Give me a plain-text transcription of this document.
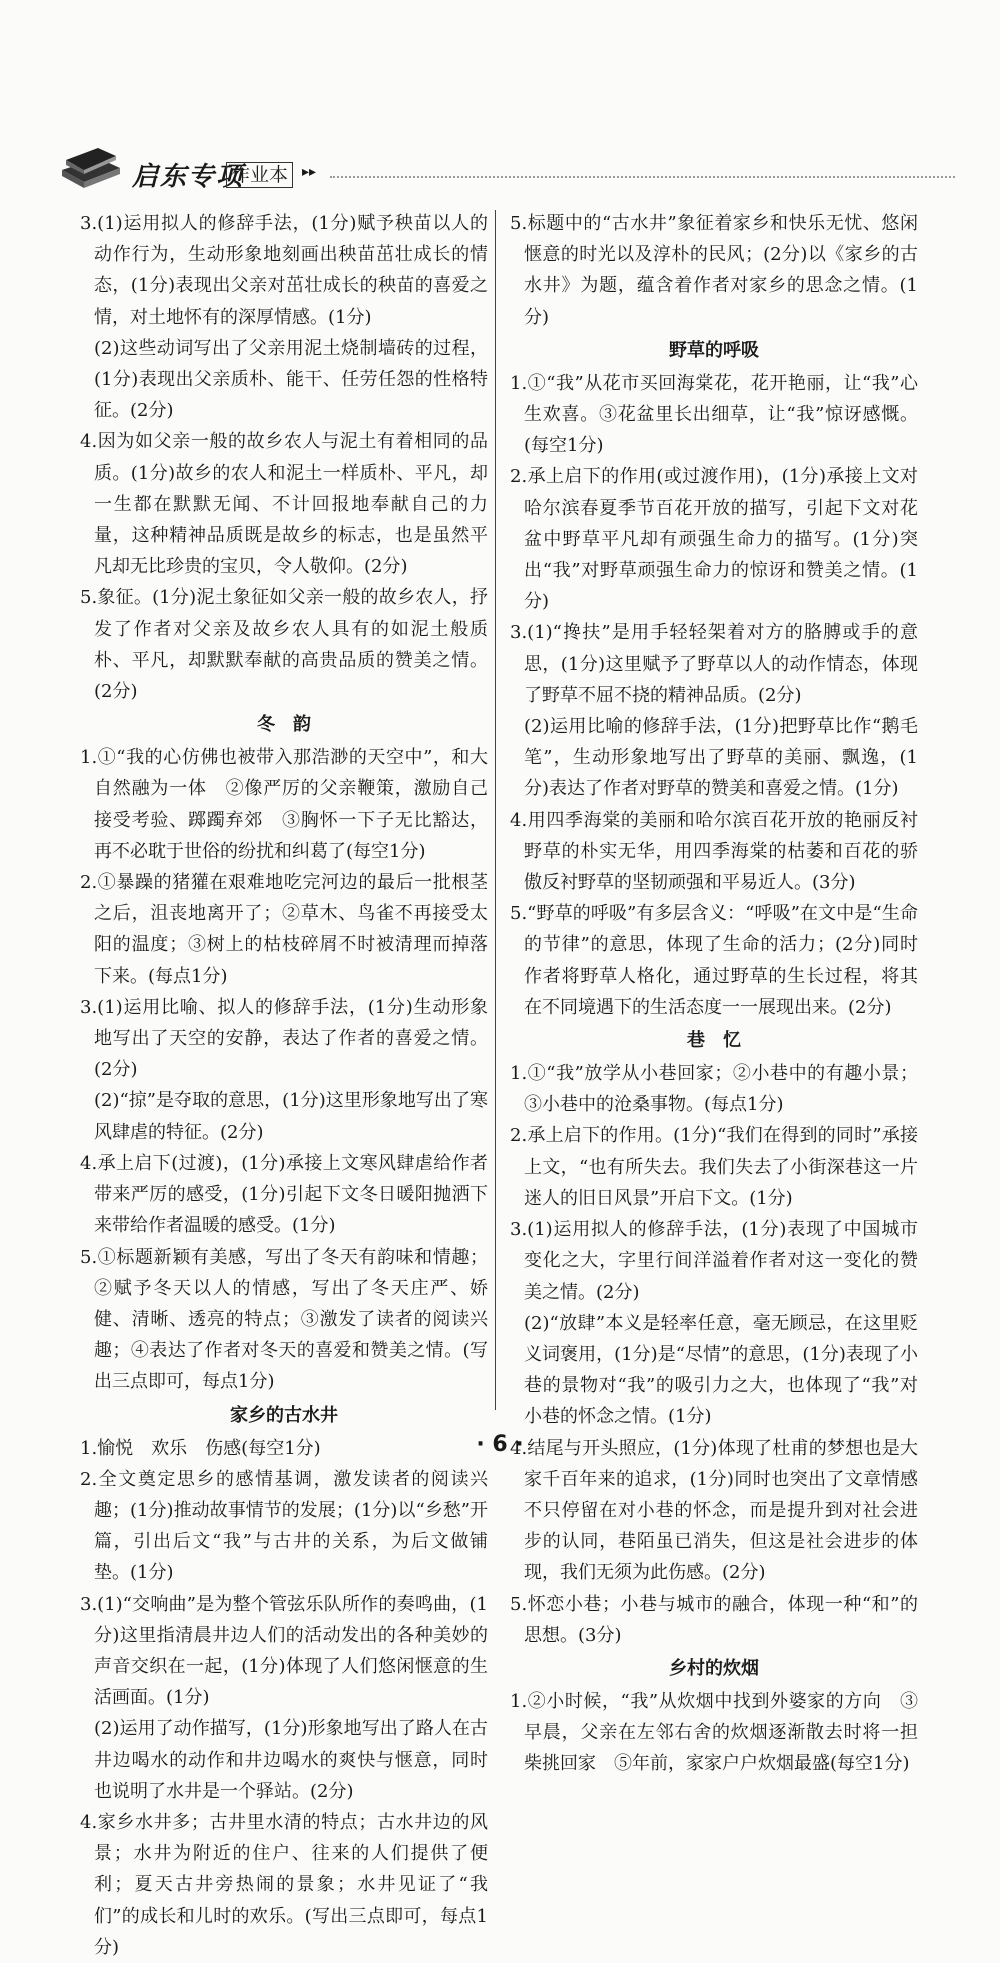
启东专项
作业本 ▸▸

3.(1)运用拟人的修辞手法，(1分)赋予秧苗以人的动作行为，生动形象地刻画出秧苗茁壮成长的情态，(1分)表现出父亲对茁壮成长的秧苗的喜爱之情，对土地怀有的深厚情感。(1分)

(2)这些动词写出了父亲用泥土烧制墙砖的过程，(1分)表现出父亲质朴、能干、任劳任怨的性格特征。(2分)

4.因为如父亲一般的故乡农人与泥土有着相同的品质。(1分)故乡的农人和泥土一样质朴、平凡，却一生都在默默无闻、不计回报地奉献自己的力量，这种精神品质既是故乡的标志，也是虽然平凡却无比珍贵的宝贝，令人敬仰。(2分)

5.象征。(1分)泥土象征如父亲一般的故乡农人，抒发了作者对父亲及故乡农人具有的如泥土般质朴、平凡，却默默奉献的高贵品质的赞美之情。(2分)

冬　韵

1.①“我的心仿佛也被带入那浩渺的天空中”，和大自然融为一体　②像严厉的父亲鞭策，激励自己接受考验、踯躅弃郊　③胸怀一下子无比豁达，再不必耽于世俗的纷扰和纠葛了(每空1分)

2.①暴躁的猪獾在艰难地吃完河边的最后一批根茎之后，沮丧地离开了；②草木、鸟雀不再接受太阳的温度；③树上的枯枝碎屑不时被清理而掉落下来。(每点1分)

3.(1)运用比喻、拟人的修辞手法，(1分)生动形象地写出了天空的安静，表达了作者的喜爱之情。(2分)

(2)“掠”是夺取的意思，(1分)这里形象地写出了寒风肆虐的特征。(2分)

4.承上启下(过渡)，(1分)承接上文寒风肆虐给作者带来严厉的感受，(1分)引起下文冬日暖阳抛洒下来带给作者温暖的感受。(1分)

5.①标题新颖有美感，写出了冬天有韵味和情趣；②赋予冬天以人的情感，写出了冬天庄严、娇健、清晰、透亮的特点；③激发了读者的阅读兴趣；④表达了作者对冬天的喜爱和赞美之情。(写出三点即可，每点1分)

家乡的古水井

1.愉悦　欢乐　伤感(每空1分)

2.全文奠定思乡的感情基调，激发读者的阅读兴趣；(1分)推动故事情节的发展；(1分)以“乡愁”开篇，引出后文“我”与古井的关系，为后文做铺垫。(1分)

3.(1)“交响曲”是为整个管弦乐队所作的奏鸣曲，(1分)这里指清晨井边人们的活动发出的各种美妙的声音交织在一起，(1分)体现了人们悠闲惬意的生活画面。(1分)

(2)运用了动作描写，(1分)形象地写出了路人在古井边喝水的动作和井边喝水的爽快与惬意，同时也说明了水井是一个驿站。(2分)

4.家乡水井多；古井里水清的特点；古水井边的风景；水井为附近的住户、往来的人们提供了便利；夏天古井旁热闹的景象；水井见证了“我们”的成长和儿时的欢乐。(写出三点即可，每点1分)

5.标题中的“古水井”象征着家乡和快乐无忧、悠闲惬意的时光以及淳朴的民风；(2分)以《家乡的古水井》为题，蕴含着作者对家乡的思念之情。(1分)

野草的呼吸

1.①“我”从花市买回海棠花，花开艳丽，让“我”心生欢喜。③花盆里长出细草，让“我”惊讶感慨。(每空1分)

2.承上启下的作用(或过渡作用)，(1分)承接上文对哈尔滨春夏季节百花开放的描写，引起下文对花盆中野草平凡却有顽强生命力的描写。(1分)突出“我”对野草顽强生命力的惊讶和赞美之情。(1分)

3.(1)“搀扶”是用手轻轻架着对方的胳膊或手的意思，(1分)这里赋予了野草以人的动作情态，体现了野草不屈不挠的精神品质。(2分)

(2)运用比喻的修辞手法，(1分)把野草比作“鹅毛笔”，生动形象地写出了野草的美丽、飘逸，(1分)表达了作者对野草的赞美和喜爱之情。(1分)

4.用四季海棠的美丽和哈尔滨百花开放的艳丽反衬野草的朴实无华，用四季海棠的枯萎和百花的骄傲反衬野草的坚韧顽强和平易近人。(3分)

5.“野草的呼吸”有多层含义：“呼吸”在文中是“生命的节律”的意思，体现了生命的活力；(2分)同时作者将野草人格化，通过野草的生长过程，将其在不同境遇下的生活态度一一展现出来。(2分)

巷　忆

1.①“我”放学从小巷回家；②小巷中的有趣小景；③小巷中的沧桑事物。(每点1分)

2.承上启下的作用。(1分)“我们在得到的同时”承接上文，“也有所失去。我们失去了小街深巷这一片迷人的旧日风景”开启下文。(1分)

3.(1)运用拟人的修辞手法，(1分)表现了中国城市变化之大，字里行间洋溢着作者对这一变化的赞美之情。(2分)

(2)“放肆”本义是轻率任意，毫无顾忌，在这里贬义词褒用，(1分)是“尽情”的意思，(1分)表现了小巷的景物对“我”的吸引力之大，也体现了“我”对小巷的怀念之情。(1分)

4.结尾与开头照应，(1分)体现了杜甫的梦想也是大家千百年来的追求，(1分)同时也突出了文章情感不只停留在对小巷的怀念，而是提升到对社会进步的认同，巷陌虽已消失，但这是社会进步的体现，我们无须为此伤感。(2分)

5.怀恋小巷；小巷与城市的融合，体现一种“和”的思想。(3分)

乡村的炊烟

1.②小时候，“我”从炊烟中找到外婆家的方向　③早晨，父亲在左邻右舍的炊烟逐渐散去时将一担柴挑回家　⑤年前，家家户户炊烟最盛(每空1分)

· 6 ·
